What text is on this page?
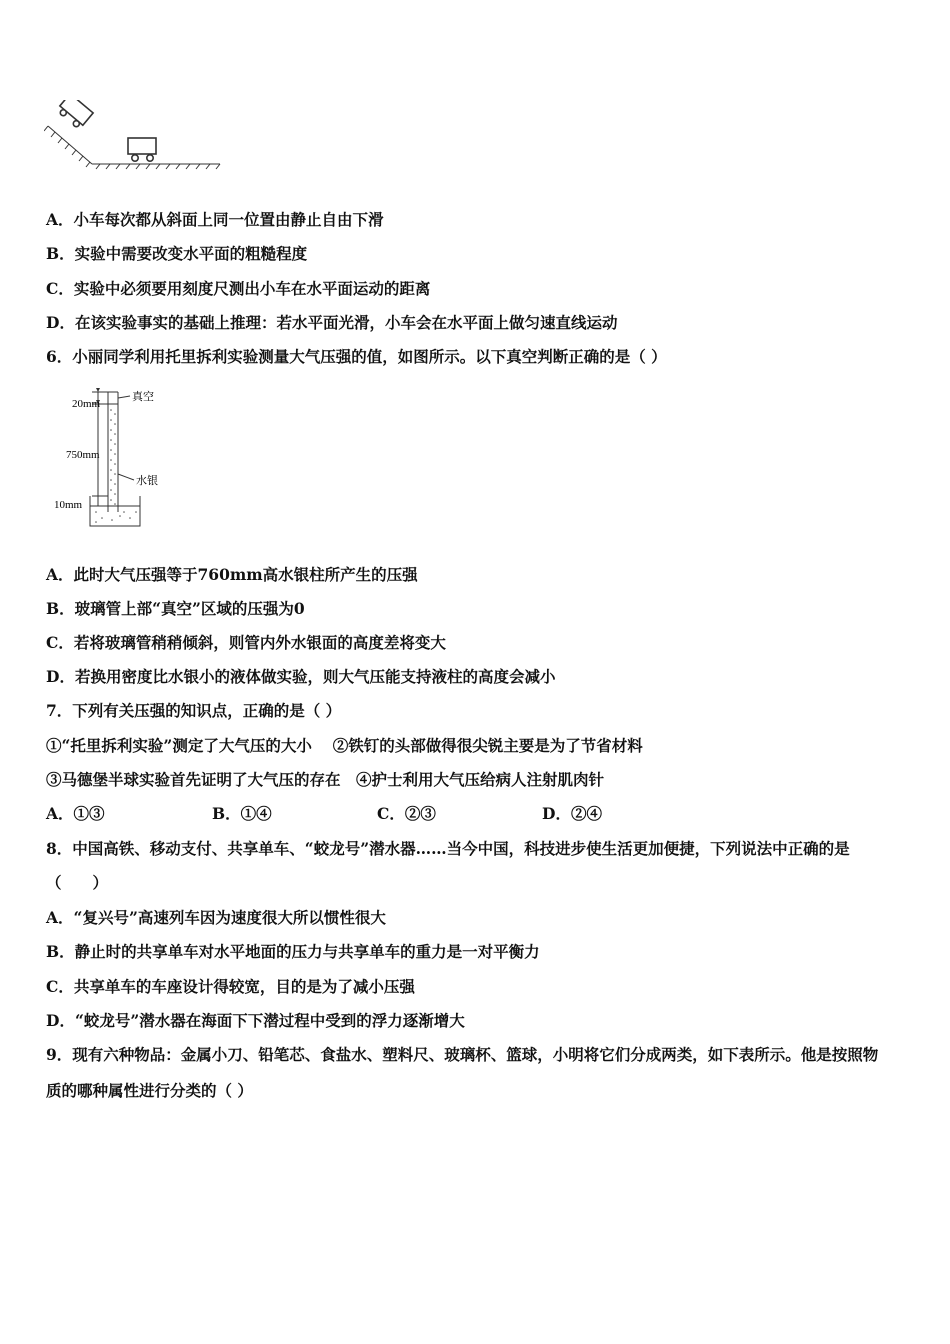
A．小车每次都从斜面上同一位置由静止自由下滑
B．实验中需要改变水平面的粗糙程度
C．实验中必须要用刻度尺测出小车在水平面运动的距离
D．在该实验事实的基础上推理：若水平面光滑，小车会在水平面上做匀速直线运动
6．小丽同学利用托里拆利实验测量大气压强的值，如图所示。以下真空判断正确的是（ ）
20mm
750mm
10mm
真空
水银
A．此时大气压强等于760mm高水银柱所产生的压强
B．玻璃管上部“真空”区域的压强为0
C．若将玻璃管稍稍倾斜，则管内外水银面的高度差将变大
D．若换用密度比水银小的液体做实验，则大气压能支持液柱的高度会减小
7．下列有关压强的知识点，正确的是（ ）
①“托里拆利实验”测定了大气压的大小　 ②铁钉的头部做得很尖锐主要是为了节省材料
③马德堡半球实验首先证明了大气压的存在　④护士利用大气压给病人注射肌肉针
A．①③	B．①④	C．②③	D．②④
8．中国高铁、移动支付、共享单车、“蛟龙号”潜水器……当今中国，科技进步使生活更加便捷，下列说法中正确的是
（　　）
A．“复兴号”高速列车因为速度很大所以惯性很大
B．静止时的共享单车对水平地面的压力与共享单车的重力是一对平衡力
C．共享单车的车座设计得较宽，目的是为了减小压强
D．“蛟龙号”潜水器在海面下下潜过程中受到的浮力逐渐增大
9．现有六种物品：金属小刀、铅笔芯、食盐水、塑料尺、玻璃杯、篮球，小明将它们分成两类，如下表所示。他是按照物
质的哪种属性进行分类的（ ）
